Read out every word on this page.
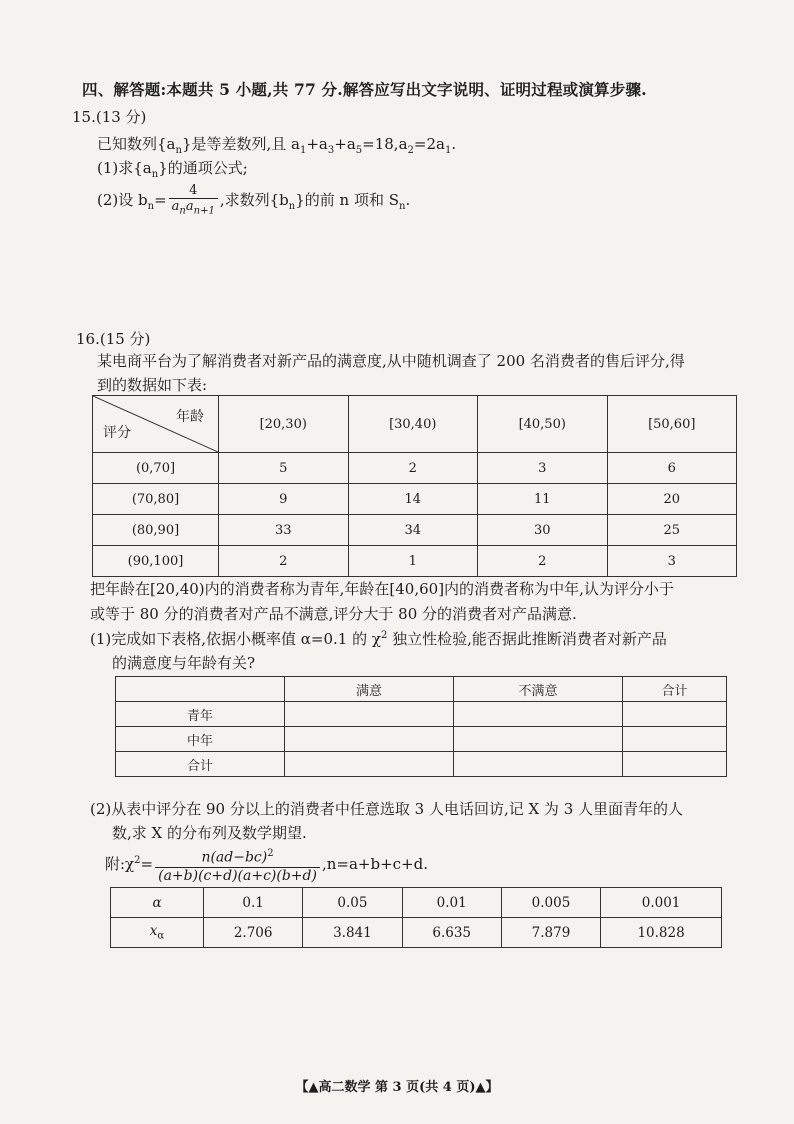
四、解答题:本题共 5 小题,共 77 分.解答应写出文字说明、证明过程或演算步骤.
15.(13 分)
已知数列$\{a_n\}$是等差数列,且 $a_1+a_3+a_5=18,a_2=2a_1$.
(1)求$\{a_n\}$的通项公式;
(2)设 $b_n= \frac{4}{a_na_{n+1}}$ ,求数列$\{b_n\}$的前 n 项和 $S_n$.
16.(15 分)
某电商平台为了解消费者对新产品的满意度,从中随机调查了 200 名消费者的售后评分,得
到的数据如下表:
年龄
评分	[20,30)	[30,40)	[40,50)	[50,60]
(0,70]	5	2	3	6
(70,80]	9	14	11	20
(80,90]	33	34	30	25
(90,100]	2	1	2	3
把年龄在[20,40)内的消费者称为青年,年龄在[40,60]内的消费者称为中年,认为评分小于
或等于 80 分的消费者对产品不满意,评分大于 80 分的消费者对产品满意.
(1)完成如下表格,依据小概率值 α=0.1 的 $\chi^2$ 独立性检验,能否据此推断消费者对新产品
的满意度与年龄有关?
	满意	不满意	合计
青年			
中年			
合计			
(2)从表中评分在 90 分以上的消费者中任意选取 3 人电话回访,记 X 为 3 人里面青年的人
数,求 X 的分布列及数学期望.
附$:\chi^2= \frac{n(ad-bc)^2}{(a+b)(c+d)(a+c)(b+d)} ,n=a+b+c+d$.
α	0.1	0.05	0.01	0.005	0.001
$x_\alpha$	2.706	3.841	6.635	7.879	10.828
【▲高二数学 第 3 页(共 4 页)▲】
